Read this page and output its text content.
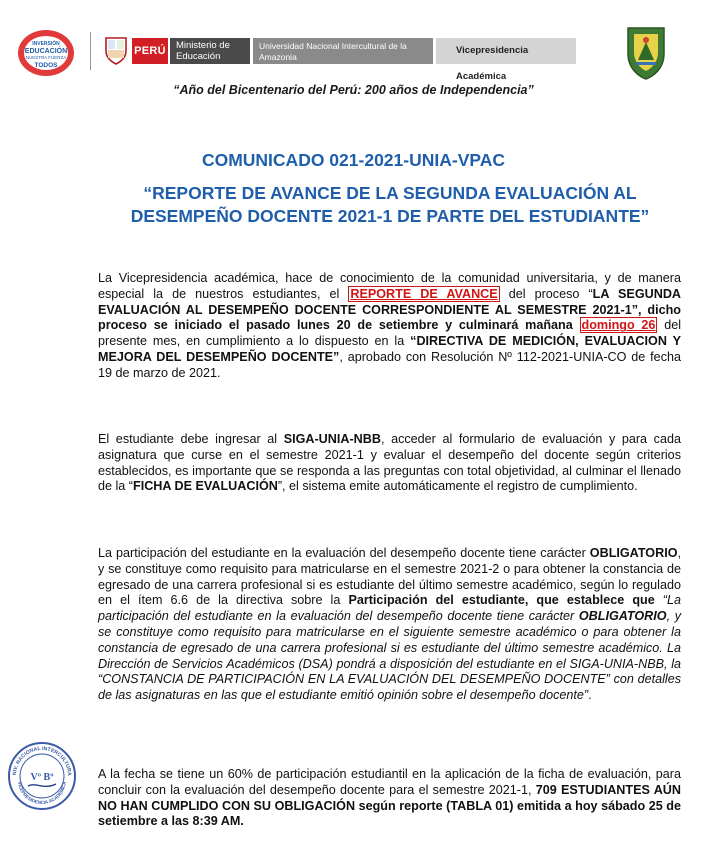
INVERSIÓN
EDUCACIÓN
NUESTRA FUERZA
TODOS
PERÚ	Ministerio de Educación
Universidad Nacional Intercultural de la Amazonia
Vicepresidencia Académica
“Año del Bicentenario del Perú: 200 años de Independencia”
COMUNICADO 021-2021-UNIA-VPAC
“REPORTE DE AVANCE DE LA SEGUNDA EVALUACIÓN AL DESEMPEÑO DOCENTE 2021-1 DE PARTE DEL ESTUDIANTE”

La Vicepresidencia académica, hace de conocimiento de la comunidad universitaria, y de manera especial la de nuestros estudiantes, el REPORTE DE AVANCE del proceso “LA SEGUNDA EVALUACIÓN AL DESEMPEÑO DOCENTE CORRESPONDIENTE AL SEMESTRE 2021-1”, dicho proceso se iniciado el pasado lunes 20 de setiembre y culminará mañana domingo 26 del presente mes, en cumplimiento a lo dispuesto en la “DIRECTIVA DE MEDICIÓN, EVALUACION Y MEJORA DEL DESEMPEÑO DOCENTE”, aprobado con Resolución Nº 112-2021-UNIA-CO de fecha 19 de marzo de 2021.

El estudiante debe ingresar al SIGA-UNIA-NBB, acceder al formulario de evaluación y para cada asignatura que curse en el semestre 2021-1 y evaluar el desempeño del docente según criterios establecidos, es importante que se responda a las preguntas con total objetividad, al culminar el llenado de la “FICHA DE EVALUACIÓN”, el sistema emite automáticamente el registro de cumplimiento.

La participación del estudiante en la evaluación del desempeño docente tiene carácter OBLIGATORIO, y se constituye como requisito para matricularse en el semestre 2021-2 o para obtener la constancia de egresado de una carrera profesional si es estudiante del último semestre académico, según lo regulado en el ítem 6.6 de la directiva sobre la Participación del estudiante, que establece que “La participación del estudiante en la evaluación del desempeño docente tiene carácter OBLIGATORIO, y se constituye como requisito para matricularse en el siguiente semestre académico o para obtener la constancia de egresado de una carrera profesional si es estudiante del último semestre académico. La Dirección de Servicios Académicos (DSA) pondrá a disposición del estudiante en el SIGA-UNIA-NBB, la “CONSTANCIA DE PARTICIPACIÓN EN LA EVALUACIÓN DEL DESEMPEÑO DOCENTE” con detalles de las asignaturas en las que el estudiante emitió opinión sobre el desempeño docente”.

NIV. NACIONAL INTERCULTURA
Vº Bº
VICEPRESIDENCIA ACADÉMICA

A la fecha se tiene un 60% de participación estudiantil en la aplicación de la ficha de evaluación, para concluir con la evaluación del desempeño docente para el semestre 2021-1, 709 ESTUDIANTES AÚN NO HAN CUMPLIDO CON SU OBLIGACIÓN según reporte (TABLA 01) emitida a hoy sábado 25 de setiembre a las 8:39 AM.
